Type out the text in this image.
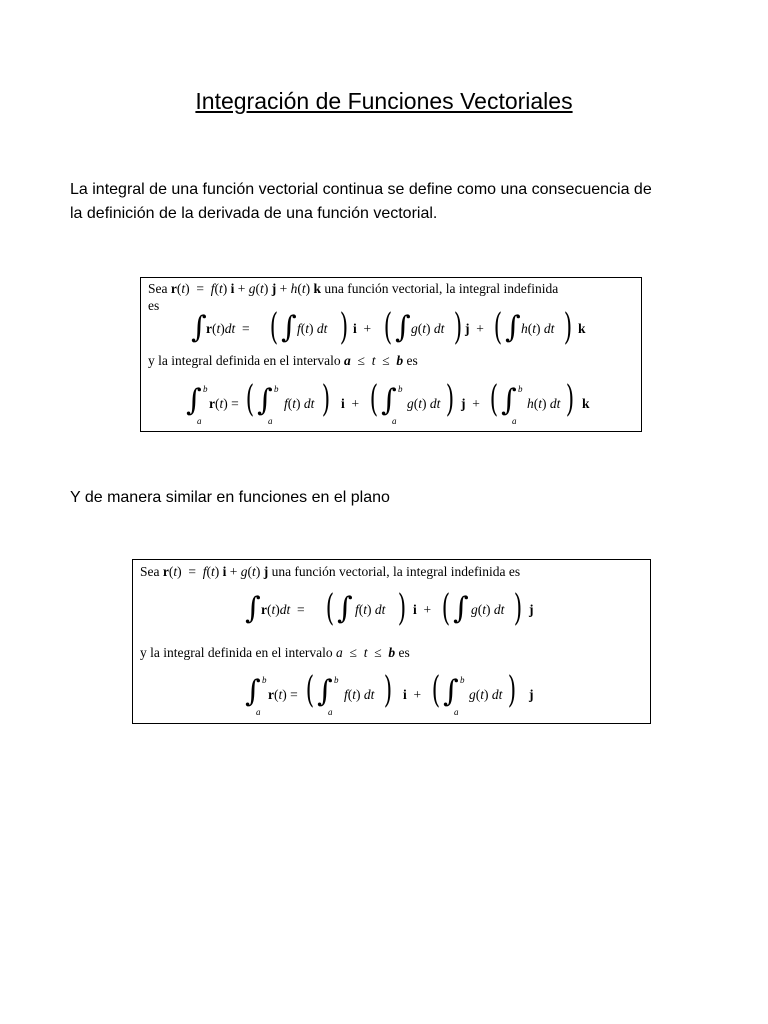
Integración de Funciones Vectoriales

La integral de una función vectorial continua se define como una consecuencia de

la definición de la derivada de una función vectorial.

Sea r(t)  =  f(t) i + g(t) j + h(t) k una función vectorial, la integral indefinida
es
∫ r(t)dt  = ( ∫ f(t) dt ) i  + ( ∫ g(t) dt ) j  + ( ∫ h(t) dt ) k
y la integral definida en el intervalo a  ≤  t  ≤  b es
∫ b
a
r(t) = ( ∫ b
a
f(t) dt ) i  + ( ∫ b
a
g(t) dt ) j  + ( ∫ b
a
h(t) dt ) k

Y de manera similar en funciones en el plano

Sea r(t)  =  f(t) i + g(t) j una función vectorial, la integral indefinida es
∫ r(t)dt  = ( ∫ f(t) dt ) i  + ( ∫ g(t) dt ) j
y la integral definida en el intervalo a  ≤  t  ≤  b es
∫ b
a
r(t) = ( ∫ b
a
f(t) dt ) i  + ( ∫ b
a
g(t) dt ) j
